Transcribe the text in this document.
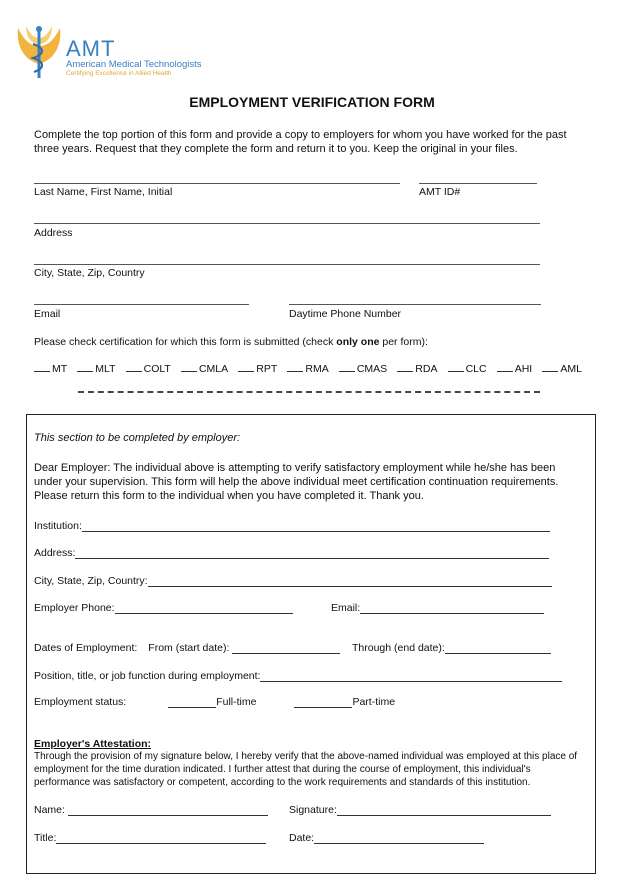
AMT
American Medical Technologists
Certifying Excellence in Allied Health
EMPLOYMENT VERIFICATION FORM
Complete the top portion of this form and provide a copy to employers for whom you have worked for the past three years. Request that they complete the form and return it to you. Keep the original in your files.
Last Name, First Name, Initial	AMT ID#
Address
City, State, Zip, Country
Email	Daytime Phone Number
Please check certification for which this form is submitted (check only one per form):
MT	MLT	COLT	CMLA	RPT	RMA	CMAS	RDA	CLC	AHI	AML
This section to be completed by employer:
Dear Employer: The individual above is attempting to verify satisfactory employment while he/she has been under your supervision. This form will help the above individual meet certification continuation requirements. Please return this form to the individual when you have completed it. Thank you.
Institution:
Address:
City, State, Zip, Country:
Employer Phone:	Email:
Dates of Employment: From (start date):	Through (end date):
Position, title, or job function during employment:
Employment status:	Full-time	Part-time
Employer's Attestation:
Through the provision of my signature below, I hereby verify that the above-named individual was employed at this place of employment for the time duration indicated. I further attest that during the course of employment, this individual's performance was satisfactory or competent, according to the work requirements and standards of this institution.
Name:	Signature:
Title:	Date:
